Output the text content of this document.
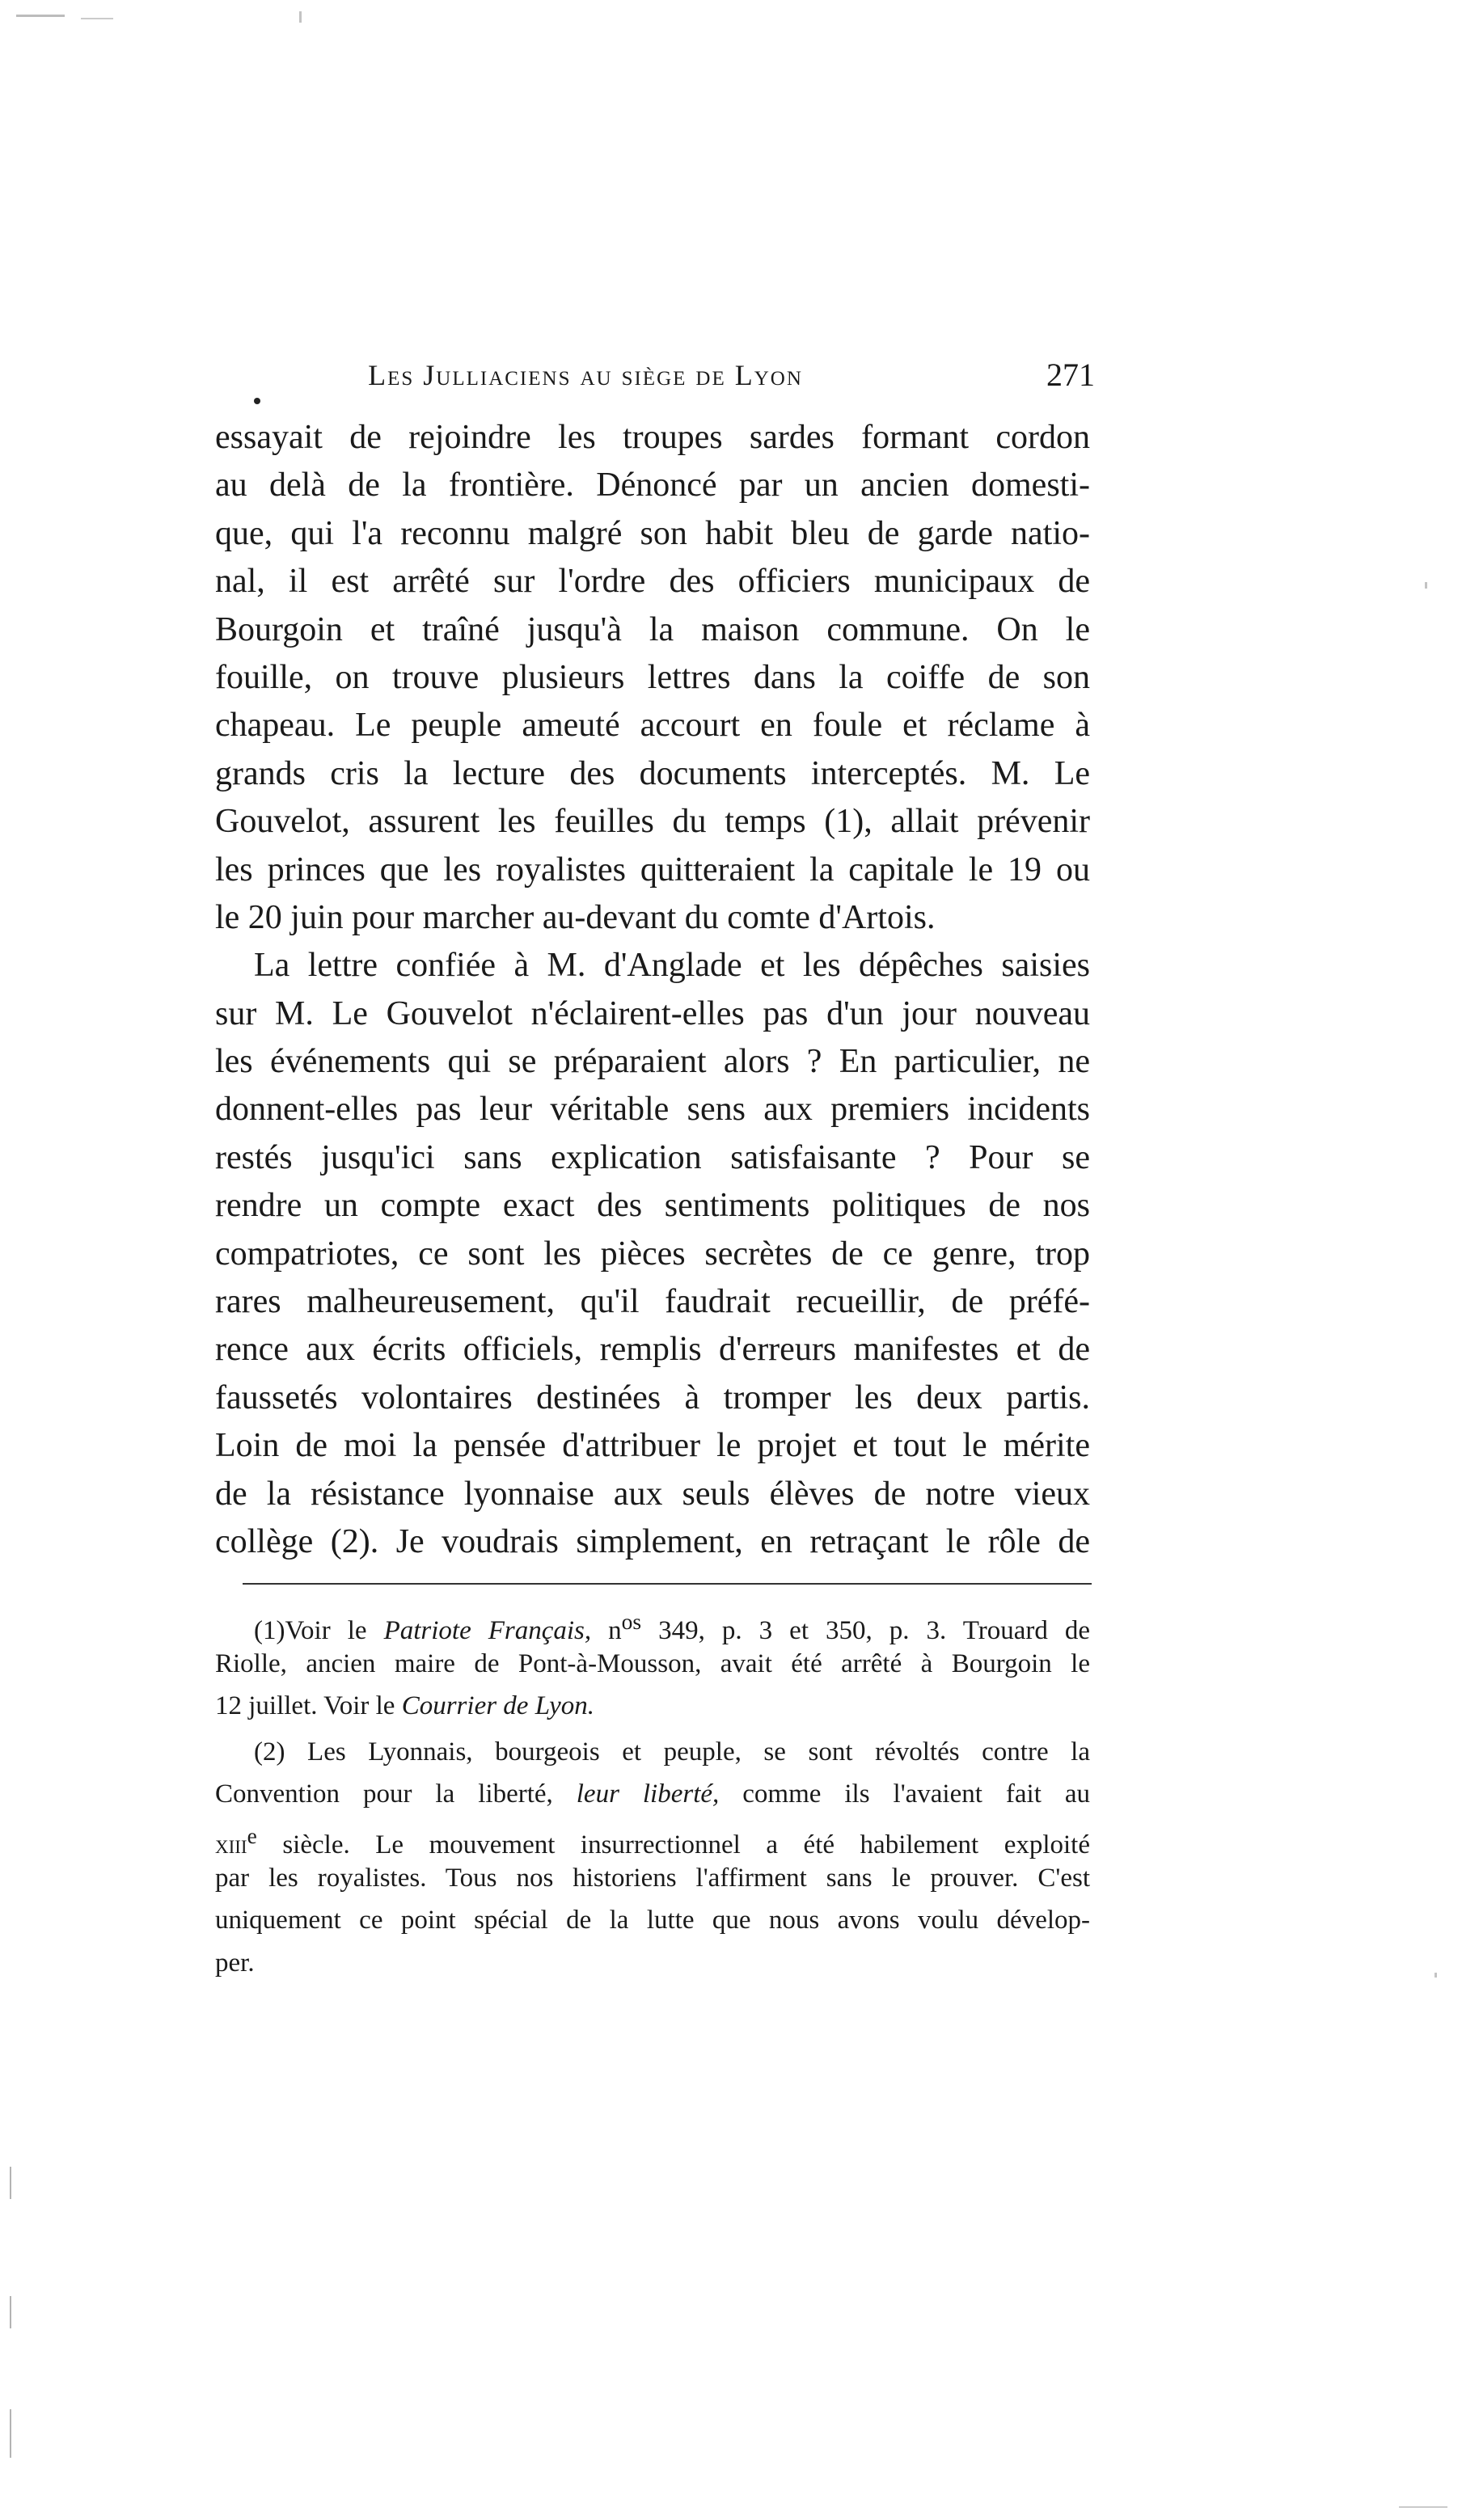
Les Julliaciens au siège de Lyon	271
essayait de rejoindre les troupes sardes formant cordon
au delà de la frontière. Dénoncé par un ancien domesti-
que, qui l'a reconnu malgré son habit bleu de garde natio-
nal, il est arrêté sur l'ordre des officiers municipaux de
Bourgoin et traîné jusqu'à la maison commune. On le
fouille, on trouve plusieurs lettres dans la coiffe de son
chapeau. Le peuple ameuté accourt en foule et réclame à
grands cris la lecture des documents interceptés. M. Le
Gouvelot, assurent les feuilles du temps (1), allait prévenir
les princes que les royalistes quitteraient la capitale le 19 ou
le 20 juin pour marcher au-devant du comte d'Artois.
La lettre confiée à M. d'Anglade et les dépêches saisies
sur M. Le Gouvelot n'éclairent-elles pas d'un jour nouveau
les événements qui se préparaient alors ? En particulier, ne
donnent-elles pas leur véritable sens aux premiers incidents
restés jusqu'ici sans explication satisfaisante ? Pour se
rendre un compte exact des sentiments politiques de nos
compatriotes, ce sont les pièces secrètes de ce genre, trop
rares malheureusement, qu'il faudrait recueillir, de préfé-
rence aux écrits officiels, remplis d'erreurs manifestes et de
faussetés volontaires destinées à tromper les deux partis.
Loin de moi la pensée d'attribuer le projet et tout le mérite
de la résistance lyonnaise aux seuls élèves de notre vieux
collège (2). Je voudrais simplement, en retraçant le rôle de
(1)Voir le Patriote Français, $n^{os}$ 349, p. 3 et 350, p. 3. Trouard de
Riolle, ancien maire de Pont-à-Mousson, avait été arrêté à Bourgoin le
12 juillet. Voir le Courrier de Lyon.
(2) Les Lyonnais, bourgeois et peuple, se sont révoltés contre la
Convention pour la liberté, leur liberté, comme ils l'avaient fait au
xiii$^e$ siècle. Le mouvement insurrectionnel a été habilement exploité
par les royalistes. Tous nos historiens l'affirment sans le prouver. C'est
uniquement ce point spécial de la lutte que nous avons voulu dévelop-
per.
